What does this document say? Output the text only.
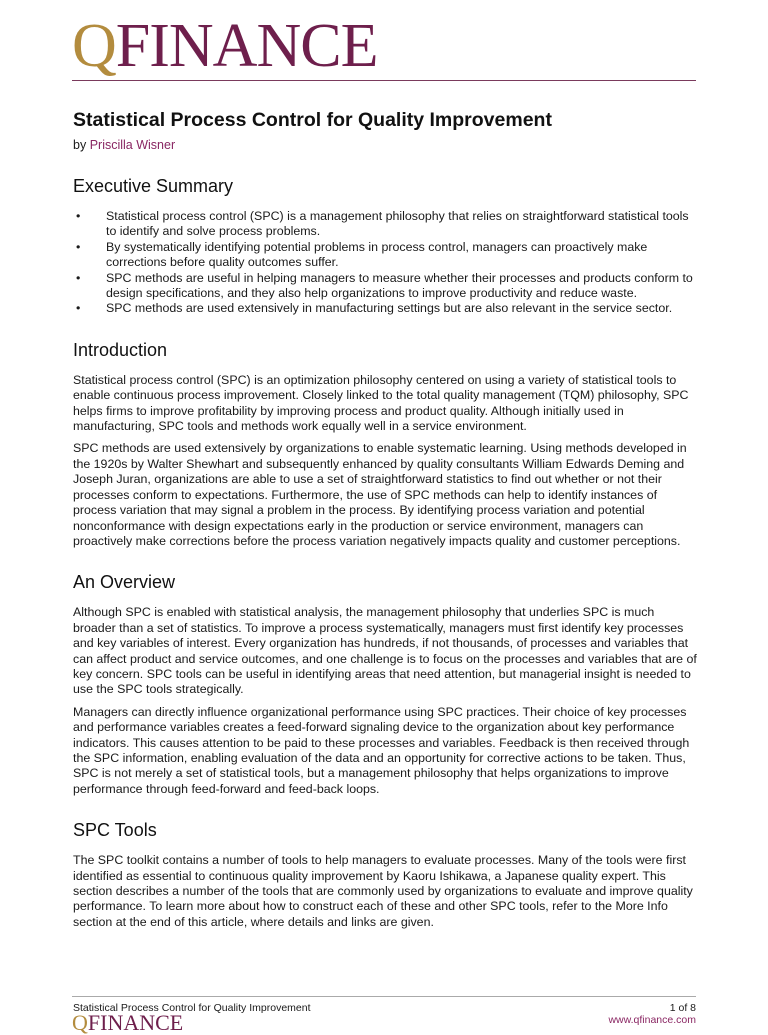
QFINANCE
Statistical Process Control for Quality Improvement
by Priscilla Wisner
Executive Summary
• Statistical process control (SPC) is a management philosophy that relies on straightforward statistical tools to identify and solve process problems.
• By systematically identifying potential problems in process control, managers can proactively make corrections before quality outcomes suffer.
• SPC methods are useful in helping managers to measure whether their processes and products conform to design specifications, and they also help organizations to improve productivity and reduce waste.
• SPC methods are used extensively in manufacturing settings but are also relevant in the service sector.
Introduction

Statistical process control (SPC) is an optimization philosophy centered on using a variety of statistical tools to enable continuous process improvement. Closely linked to the total quality management (TQM) philosophy, SPC helps firms to improve profitability by improving process and product quality. Although initially used in manufacturing, SPC tools and methods work equally well in a service environment.

SPC methods are used extensively by organizations to enable systematic learning. Using methods developed in the 1920s by Walter Shewhart and subsequently enhanced by quality consultants William Edwards Deming and Joseph Juran, organizations are able to use a set of straightforward statistics to find out whether or not their processes conform to expectations. Furthermore, the use of SPC methods can help to identify instances of process variation that may signal a problem in the process. By identifying process variation and potential nonconformance with design expectations early in the production or service environment, managers can proactively make corrections before the process variation negatively impacts quality and customer perceptions.

An Overview

Although SPC is enabled with statistical analysis, the management philosophy that underlies SPC is much broader than a set of statistics. To improve a process systematically, managers must first identify key processes and key variables of interest. Every organization has hundreds, if not thousands, of processes and variables that can affect product and service outcomes, and one challenge is to focus on the processes and variables that are of key concern. SPC tools can be useful in identifying areas that need attention, but managerial insight is needed to use the SPC tools strategically.

Managers can directly influence organizational performance using SPC practices. Their choice of key processes and performance variables creates a feed-forward signaling device to the organization about key performance indicators. This causes attention to be paid to these processes and variables. Feedback is then received through the SPC information, enabling evaluation of the data and an opportunity for corrective actions to be taken. Thus, SPC is not merely a set of statistical tools, but a management philosophy that helps organizations to improve performance through feed-forward and feed-back loops.

SPC Tools

The SPC toolkit contains a number of tools to help managers to evaluate processes. Many of the tools were first identified as essential to continuous quality improvement by Kaoru Ishikawa, a Japanese quality expert. This section describes a number of the tools that are commonly used by organizations to evaluate and improve quality performance. To learn more about how to construct each of these and other SPC tools, refer to the More Info section at the end of this article, where details and links are given.

Statistical Process Control for Quality Improvement	1 of 8
www.qfinance.com
QFINANCE
